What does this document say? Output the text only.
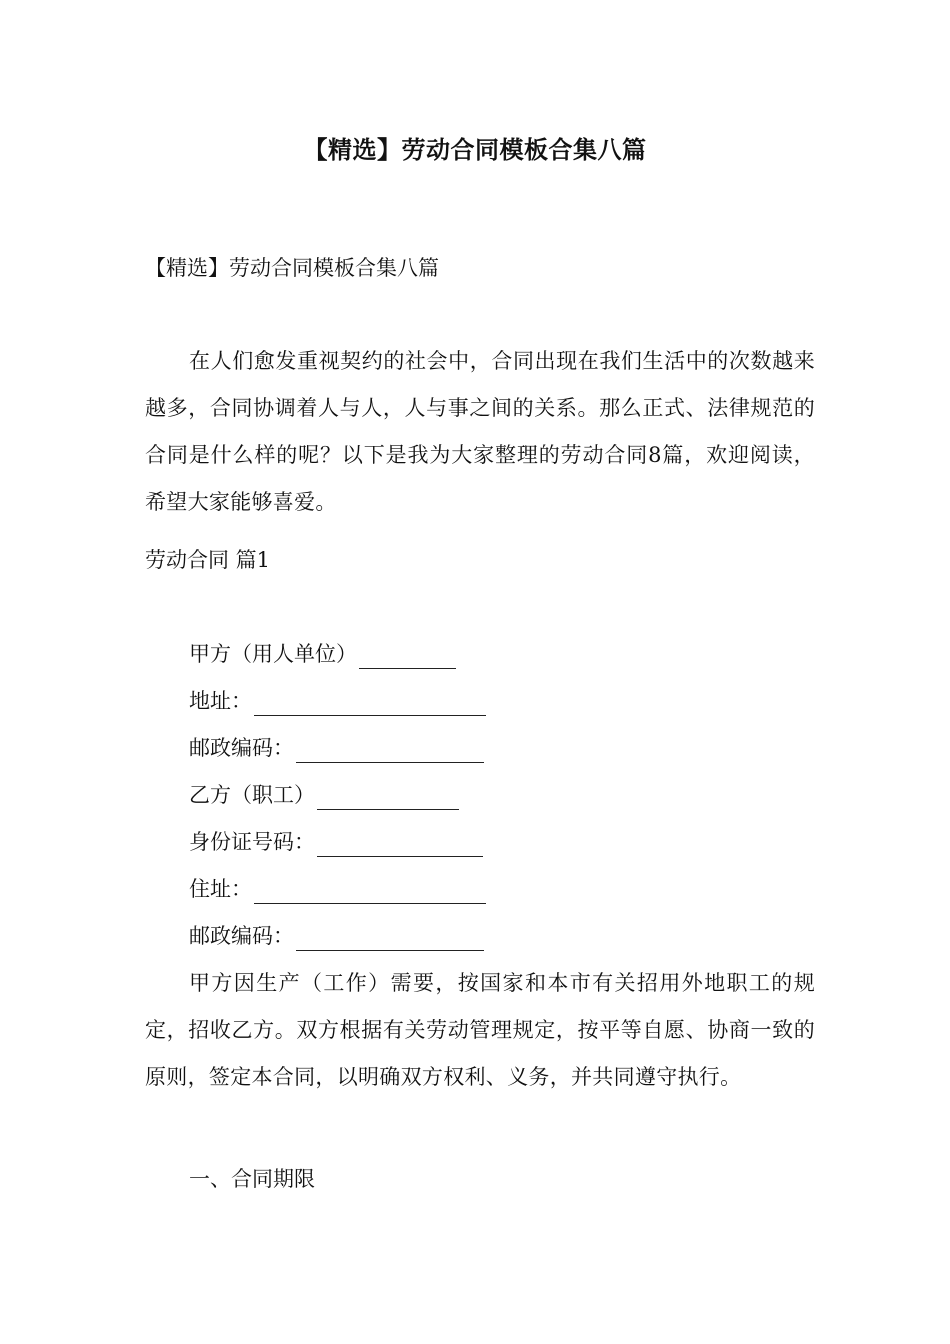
【精选】劳动合同模板合集八篇
【精选】劳动合同模板合集八篇
在人们愈发重视契约的社会中，合同出现在我们生活中的次数越来越多，合同协调着人与人，人与事之间的关系。那么正式、法律规范的合同是什么样的呢？以下是我为大家整理的劳动合同8篇，欢迎阅读，希望大家能够喜爱。
劳动合同 篇1
甲方（用人单位）
地址：
邮政编码：
乙方（职工）
身份证号码：
住址：
邮政编码：
甲方因生产（工作）需要，按国家和本市有关招用外地职工的规定，招收乙方。双方根据有关劳动管理规定，按平等自愿、协商一致的原则，签定本合同，以明确双方权利、义务，并共同遵守执行。
一、合同期限
